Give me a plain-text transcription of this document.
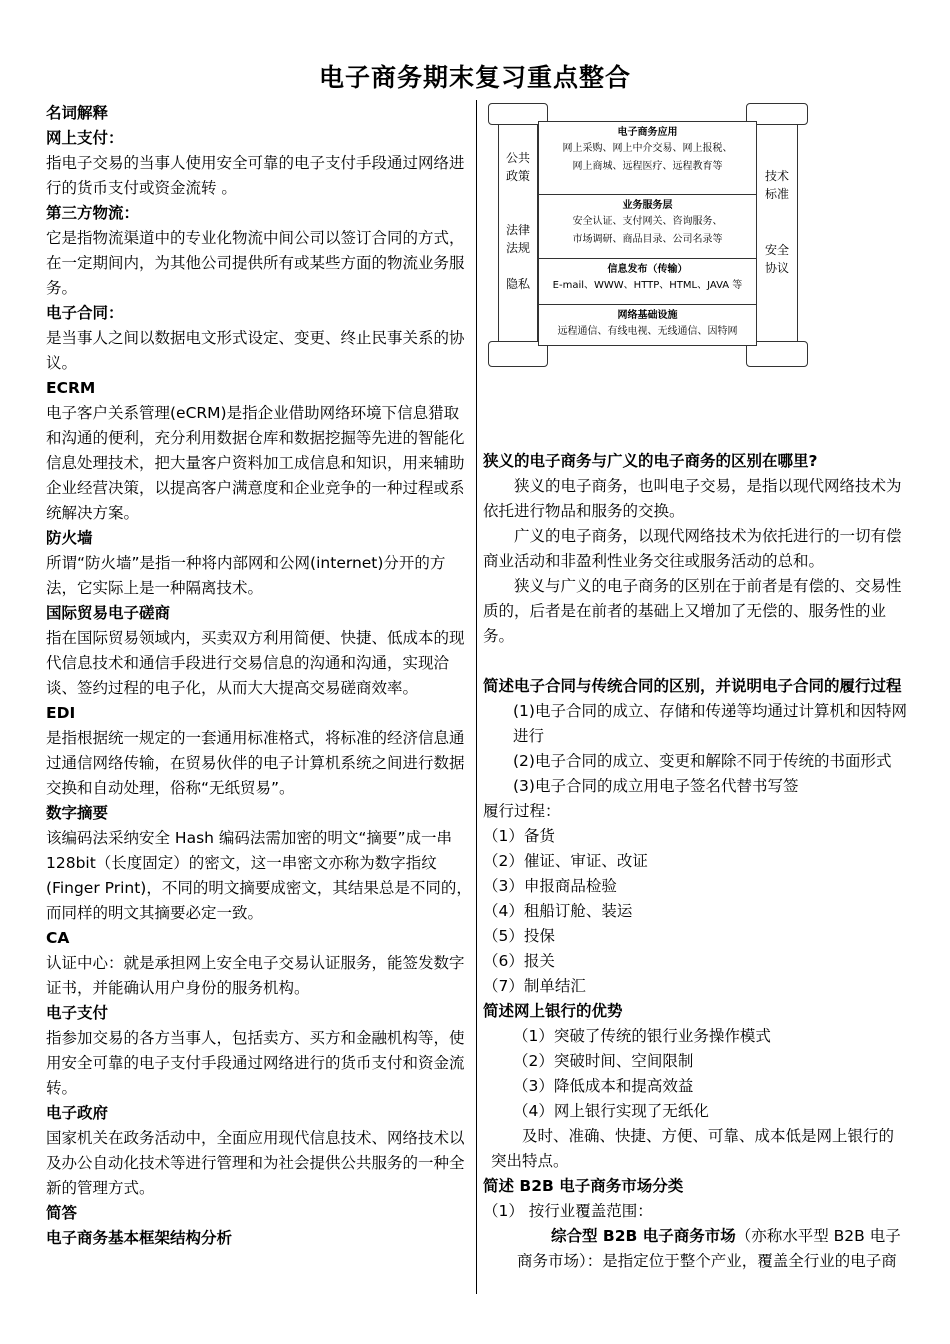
电子商务期末复习重点整合

名词解释

网上支付：

指电子交易的当事人使用安全可靠的电子支付手段通过网络进行的货币支付或资金流转 。

第三方物流：

它是指物流渠道中的专业化物流中间公司以签订合同的方式，在一定期间内，为其他公司提供所有或某些方面的物流业务服务。

电子合同：

是当事人之间以数据电文形式设定、变更、终止民事关系的协议。

ECRM

电子客户关系管理(eCRM)是指企业借助网络环境下信息猎取和沟通的便利，充分利用数据仓库和数据挖掘等先进的智能化信息处理技术，把大量客户资料加工成信息和知识，用来辅助企业经营决策，以提高客户满意度和企业竞争的一种过程或系统解决方案。

防火墙

所谓“防火墙”是指一种将内部网和公网(internet)分开的方法，它实际上是一种隔离技术。

国际贸易电子磋商

指在国际贸易领域内，买卖双方利用简便、快捷、低成本的现代信息技术和通信手段进行交易信息的沟通和沟通，实现洽谈、签约过程的电子化，从而大大提高交易磋商效率。

EDI

是指根据统一规定的一套通用标准格式，将标准的经济信息通过通信网络传输，在贸易伙伴的电子计算机系统之间进行数据交换和自动处理，俗称“无纸贸易”。

数字摘要

该编码法采纳安全 Hash 编码法需加密的明文“摘要”成一串 128bit（长度固定）的密文，这一串密文亦称为数字指纹(Finger Print)，不同的明文摘要成密文，其结果总是不同的，而同样的明文其摘要必定一致。

CA

认证中心：就是承担网上安全电子交易认证服务，能签发数字证书，并能确认用户身份的服务机构。

电子支付

指参加交易的各方当事人，包括卖方、买方和金融机构等，使用安全可靠的电子支付手段通过网络进行的货币支付和资金流转。

电子政府

国家机关在政务活动中，全面应用现代信息技术、网络技术以及办公自动化技术等进行管理和为社会提供公共服务的一种全新的管理方式。

简答

电子商务基本框架结构分析

公共
政策
法律
法规
隐私
技术
标准
安全
协议
电子商务应用
网上采购、网上中介交易、网上报税、
网上商城、远程医疗、远程教育等
业务服务层
安全认证、支付网关、咨询服务、
市场调研、商品目录、公司名录等
信息发布（传输）
E-mail、WWW、HTTP、HTML、JAVA 等
网络基础设施
远程通信、有线电视、无线通信、因特网

狭义的电子商务与广义的电子商务的区别在哪里?

狭义的电子商务，也叫电子交易，是指以现代网络技术为依托进行物品和服务的交换。

广义的电子商务，以现代网络技术为依托进行的一切有偿商业活动和非盈利性业务交往或服务活动的总和。

狭义与广义的电子商务的区别在于前者是有偿的、交易性质的，后者是在前者的基础上又增加了无偿的、服务性的业务。

简述电子合同与传统合同的区别，并说明电子合同的履行过程

(1)电子合同的成立、存储和传递等均通过计算机和因特网进行

(2)电子合同的成立、变更和解除不同于传统的书面形式

(3)电子合同的成立用电子签名代替书写签

履行过程：

（1）备货

（2）催证、审证、改证

（3）申报商品检验

（4）租船订舱、装运

（5）投保

（6）报关

（7）制单结汇

简述网上银行的优势

（1）突破了传统的银行业务操作模式

（2）突破时间、空间限制

（3）降低成本和提高效益

（4）网上银行实现了无纸化

及时、准确、快捷、方便、可靠、成本低是网上银行的突出特点。

简述 B2B 电子商务市场分类

（1） 按行业覆盖范围：

综合型 B2B 电子商务市场（亦称水平型 B2B 电子商务市场）：是指定位于整个产业，覆盖全行业的电子商
